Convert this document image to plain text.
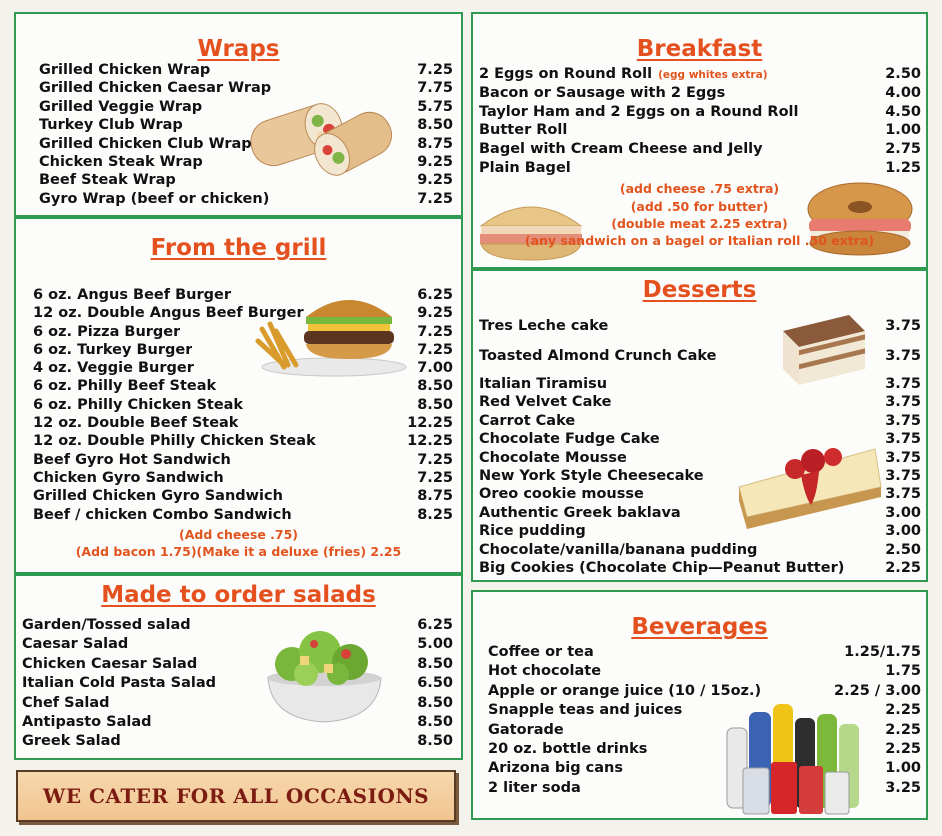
Wraps
Grilled Chicken Wrap	7.25
Grilled Chicken Caesar Wrap	7.75
Grilled Veggie Wrap	5.75
Turkey Club Wrap	8.50
Grilled Chicken Club Wrap	8.75
Chicken Steak Wrap	9.25
Beef Steak Wrap	9.25
Gyro Wrap (beef or chicken)	7.25
From the grill
6 oz. Angus Beef Burger	6.25
12 oz. Double Angus Beef Burger	9.25
6 oz. Pizza Burger	7.25
6 oz. Turkey Burger	7.25
4 oz. Veggie Burger	7.00
6 oz. Philly Beef Steak	8.50
6 oz. Philly Chicken Steak	8.50
12 oz. Double Beef Steak	12.25
12 oz. Double Philly Chicken Steak	12.25
Beef Gyro Hot Sandwich	7.25
Chicken Gyro Sandwich	7.25
Grilled Chicken Gyro Sandwich	8.75
Beef / chicken Combo Sandwich	8.25
(Add cheese .75)
(Add bacon 1.75)(Make it a deluxe (fries) 2.25
Made to order salads
Garden/Tossed salad	6.25
Caesar Salad	5.00
Chicken Caesar Salad	8.50
Italian Cold Pasta Salad	6.50
Chef Salad	8.50
Antipasto Salad	8.50
Greek Salad	8.50
WE CATER FOR ALL OCCASIONS
Breakfast
2 Eggs on Round Roll (egg whites extra)	2.50
Bacon or Sausage with 2 Eggs	4.00
Taylor Ham and 2 Eggs on a Round Roll	4.50
Butter Roll	1.00
Bagel with Cream Cheese and Jelly	2.75
Plain Bagel	1.25
(add cheese .75 extra)
(add .50 for butter)
(double meat 2.25 extra)
(any sandwich on a bagel or Italian roll .50 extra)
Desserts
Tres Leche cake	3.75
Toasted Almond Crunch Cake	3.75
Italian Tiramisu	3.75
Red Velvet Cake	3.75
Carrot Cake	3.75
Chocolate Fudge Cake	3.75
Chocolate Mousse	3.75
New York Style Cheesecake	3.75
Oreo cookie mousse	3.75
Authentic Greek baklava	3.00
Rice pudding	3.00
Chocolate/vanilla/banana pudding	2.50
Big Cookies (Chocolate Chip—Peanut Butter)	2.25
Beverages
Coffee or tea	1.25/1.75
Hot chocolate	1.75
Apple or orange juice (10 / 15oz.)	2.25 / 3.00
Snapple teas and juices	2.25
Gatorade	2.25
20 oz. bottle drinks	2.25
Arizona big cans	1.00
2 liter soda	3.25
